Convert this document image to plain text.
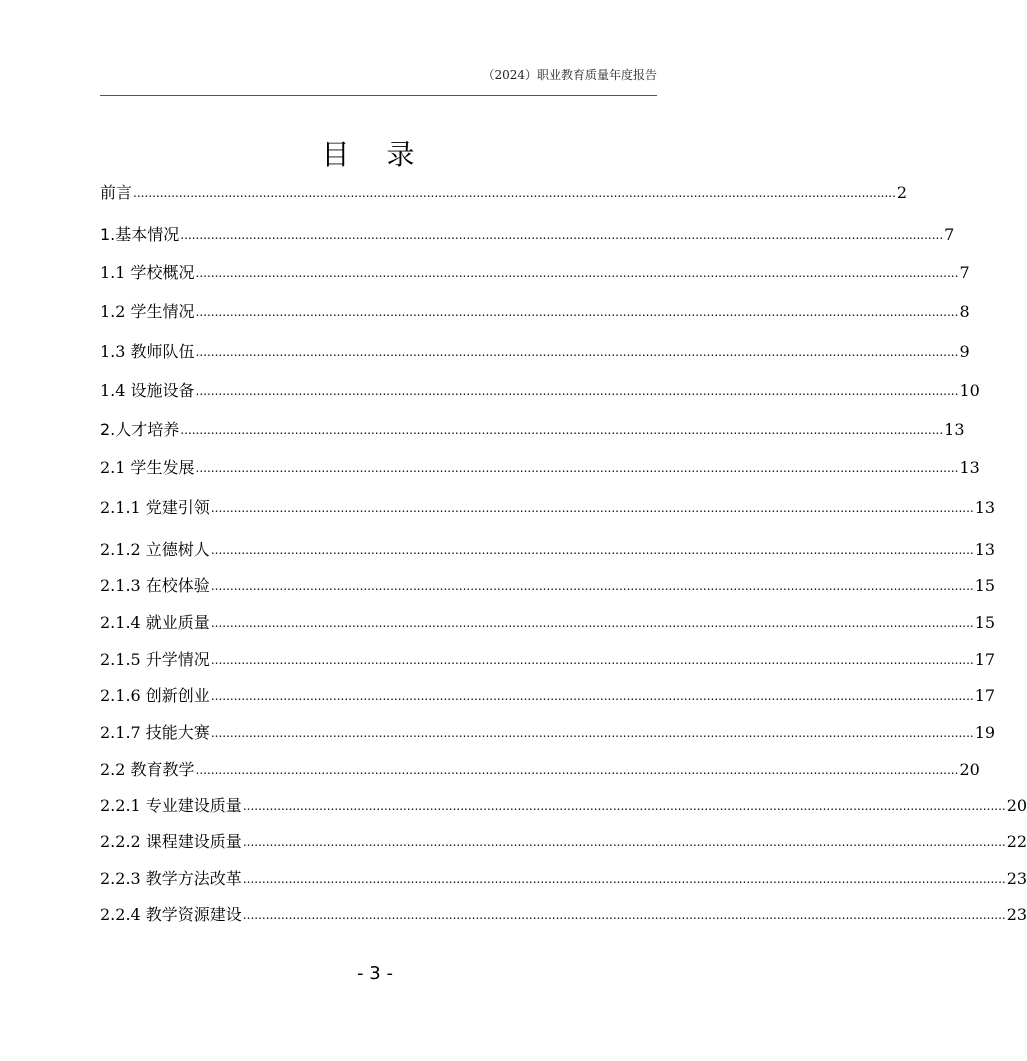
（2024）职业教育质量年度报告
目 录
前言 ........................................................................................................................................................................................................ 2
1.基本情况 ........................................................................................................................................................................................................ 7
1.1 学校概况 ........................................................................................................................................................................................................ 7
1.2 学生情况 ........................................................................................................................................................................................................ 8
1.3 教师队伍 ........................................................................................................................................................................................................ 9
1.4 设施设备 ........................................................................................................................................................................................................ 10
2.人才培养 ........................................................................................................................................................................................................ 13
2.1 学生发展 ........................................................................................................................................................................................................ 13
2.1.1 党建引领 ........................................................................................................................................................................................................ 13
2.1.2 立德树人 ........................................................................................................................................................................................................ 13
2.1.3 在校体验 ........................................................................................................................................................................................................ 15
2.1.4 就业质量 ........................................................................................................................................................................................................ 15
2.1.5 升学情况 ........................................................................................................................................................................................................ 17
2.1.6 创新创业 ........................................................................................................................................................................................................ 17
2.1.7 技能大赛 ........................................................................................................................................................................................................ 19
2.2 教育教学 ........................................................................................................................................................................................................ 20
2.2.1 专业建设质量 ........................................................................................................................................................................................................ 20
2.2.2 课程建设质量 ........................................................................................................................................................................................................ 22
2.2.3 教学方法改革 ........................................................................................................................................................................................................ 23
2.2.4 教学资源建设 ........................................................................................................................................................................................................ 23
- 3 -
